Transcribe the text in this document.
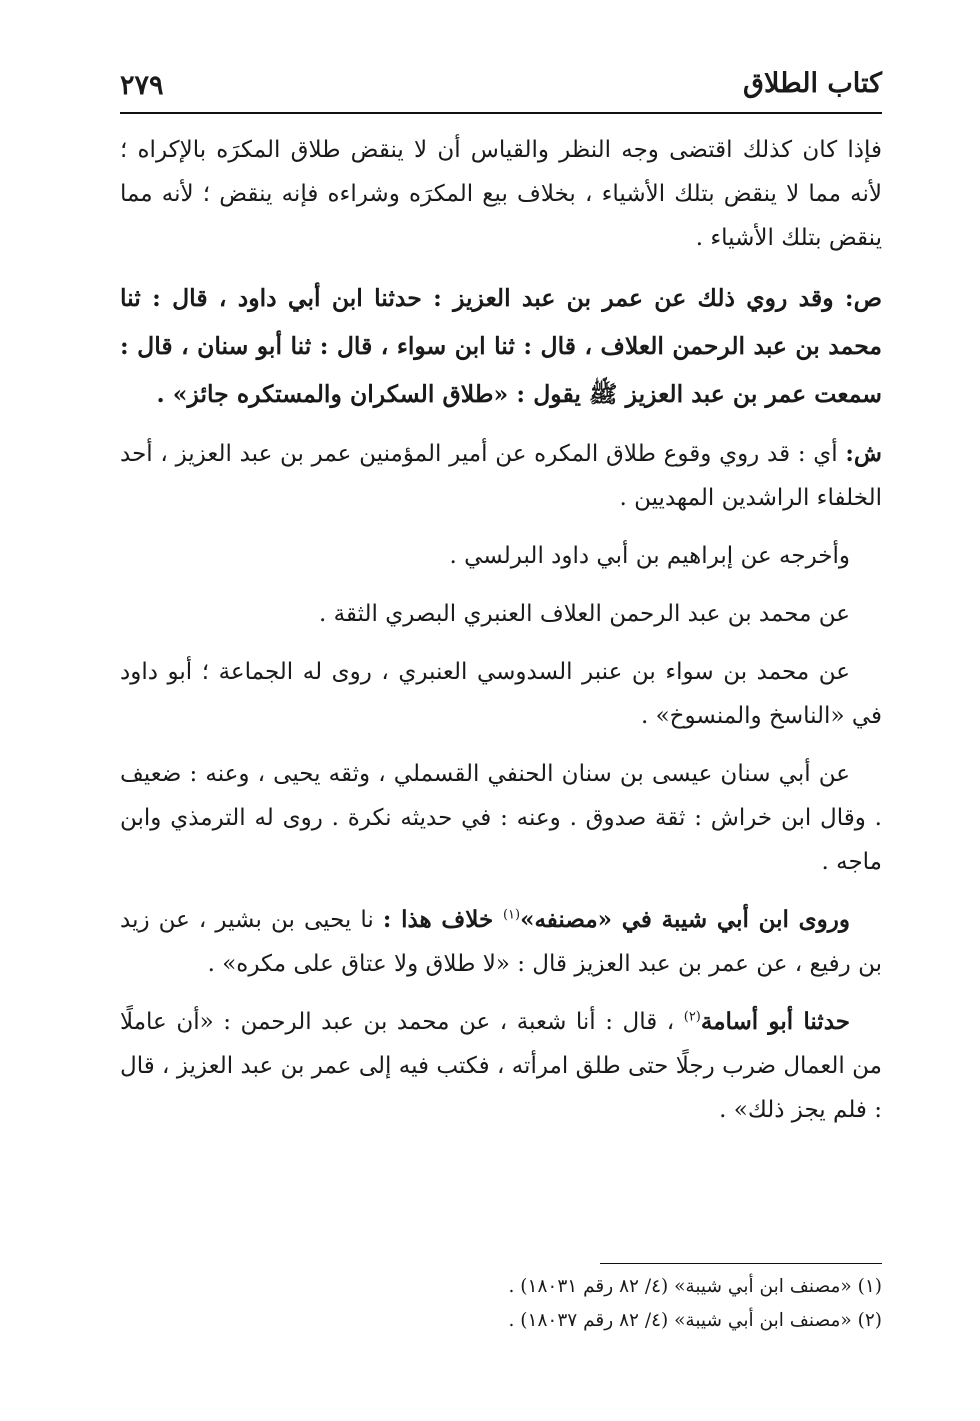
كتاب الطلاق
٢٧٩

فإذا كان كذلك اقتضى وجه النظر والقياس أن لا ينقض طلاق المكرَه بالإكراه ؛ لأنه مما لا ينقض بتلك الأشياء ، بخلاف بيع المكرَه وشراءه فإنه ينقض ؛ لأنه مما ينقض بتلك الأشياء .

ص: وقد روي ذلك عن عمر بن عبد العزيز : حدثنا ابن أبي داود ، قال : ثنا محمد بن عبد الرحمن العلاف ، قال : ثنا ابن سواء ، قال : ثنا أبو سنان ، قال : سمعت عمر بن عبد العزيز ﷺ يقول : «طلاق السكران والمستكره جائز» .

ش: أي : قد روي وقوع طلاق المكره عن أمير المؤمنين عمر بن عبد العزيز ، أحد الخلفاء الراشدين المهديين .

وأخرجه عن إبراهيم بن أبي داود البرلسي .

عن محمد بن عبد الرحمن العلاف العنبري البصري الثقة .

عن محمد بن سواء بن عنبر السدوسي العنبري ، روى له الجماعة ؛ أبو داود في «الناسخ والمنسوخ» .

عن أبي سنان عيسى بن سنان الحنفي القسملي ، وثقه يحيى ، وعنه : ضعيف . وقال ابن خراش : ثقة صدوق . وعنه : في حديثه نكرة . روى له الترمذي وابن ماجه .

وروى ابن أبي شيبة في «مصنفه»$^{(١)}$ خلاف هذا : نا يحيى بن بشير ، عن زيد بن رفيع ، عن عمر بن عبد العزيز قال : «لا طلاق ولا عتاق على مكره» .

حدثنا أبو أسامة$^{(٢)}$ ، قال : أنا شعبة ، عن محمد بن عبد الرحمن : «أن عاملًا من العمال ضرب رجلًا حتى طلق امرأته ، فكتب فيه إلى عمر بن عبد العزيز ، قال : فلم يجز ذلك» .

(١) «مصنف ابن أبي شيبة» (٤/ ٨٢ رقم ١٨٠٣١) .

(٢) «مصنف ابن أبي شيبة» (٤/ ٨٢ رقم ١٨٠٣٧) .
